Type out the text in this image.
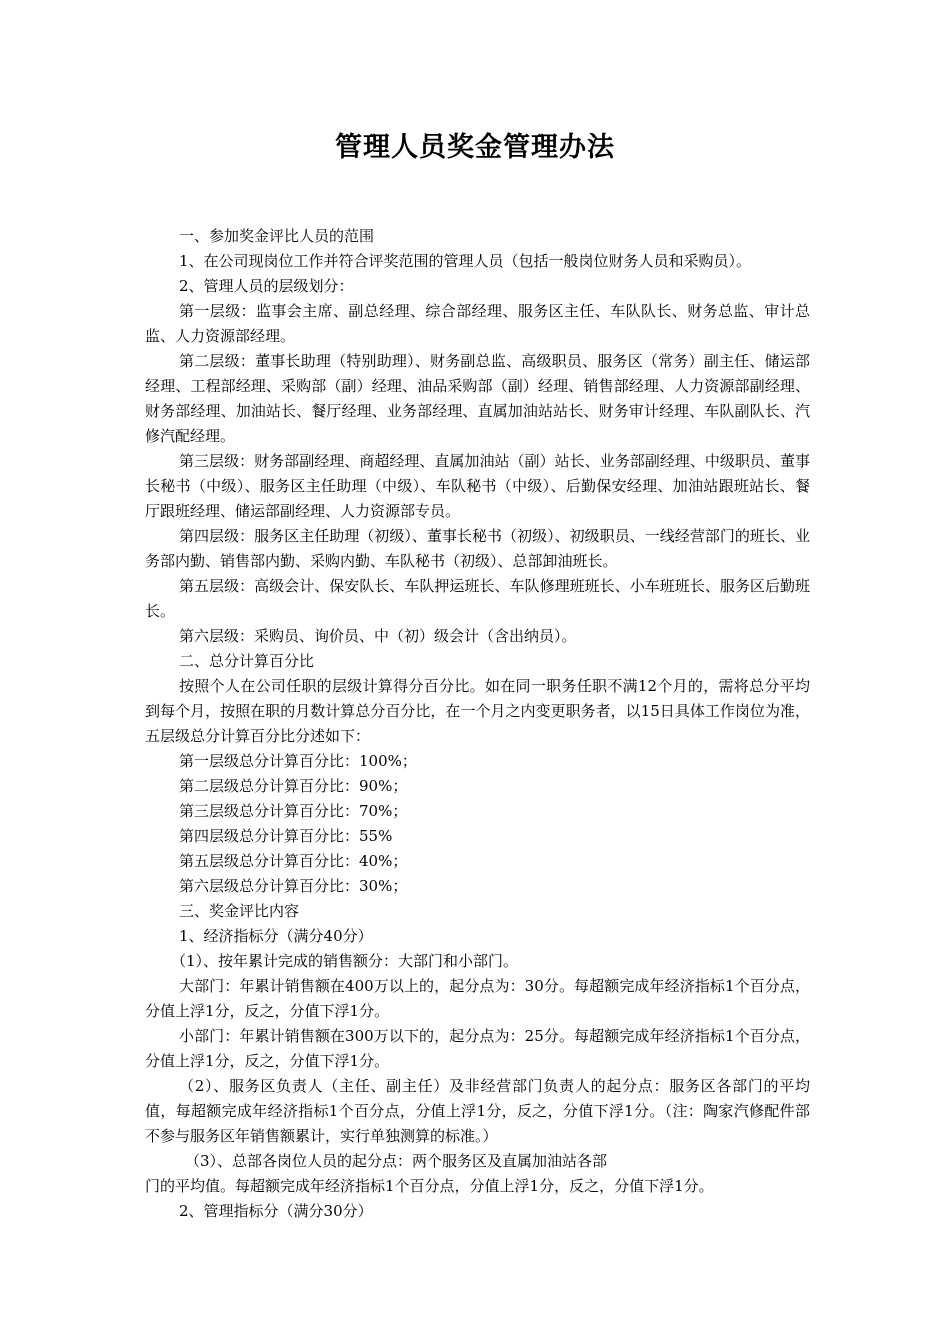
管理人员奖金管理办法

一、参加奖金评比人员的范围

1、在公司现岗位工作并符合评奖范围的管理人员（包括一般岗位财务人员和采购员）。

2、管理人员的层级划分：

第一层级：监事会主席、副总经理、综合部经理、服务区主任、车队队长、财务总监、审计总监、人力资源部经理。

第二层级：董事长助理（特别助理）、财务副总监、高级职员、服务区（常务）副主任、储运部经理、工程部经理、采购部（副）经理、油品采购部（副）经理、销售部经理、人力资源部副经理、财务部经理、加油站长、餐厅经理、业务部经理、直属加油站站长、财务审计经理、车队副队长、汽修汽配经理。

第三层级：财务部副经理、商超经理、直属加油站（副）站长、业务部副经理、中级职员、董事长秘书（中级）、服务区主任助理（中级）、车队秘书（中级）、后勤保安经理、加油站跟班站长、餐厅跟班经理、储运部副经理、人力资源部专员。

第四层级：服务区主任助理（初级）、董事长秘书（初级）、初级职员、一线经营部门的班长、业务部内勤、销售部内勤、采购内勤、车队秘书（初级）、总部卸油班长。

第五层级：高级会计、保安队长、车队押运班长、车队修理班班长、小车班班长、服务区后勤班长。

第六层级：采购员、询价员、中（初）级会计（含出纳员）。

二、总分计算百分比

按照个人在公司任职的层级计算得分百分比。如在同一职务任职不满12个月的，需将总分平均到每个月，按照在职的月数计算总分百分比，在一个月之内变更职务者，以15日具体工作岗位为准，五层级总分计算百分比分述如下：

第一层级总分计算百分比：100%；

第二层级总分计算百分比：90%；

第三层级总分计算百分比：70%；

第四层级总分计算百分比：55%

第五层级总分计算百分比：40%；

第六层级总分计算百分比：30%；

三、奖金评比内容

1、经济指标分（满分40分）

（1）、按年累计完成的销售额分：大部门和小部门。

大部门：年累计销售额在400万以上的，起分点为：30分。每超额完成年经济指标1个百分点，分值上浮1分，反之，分值下浮1分。

小部门：年累计销售额在300万以下的，起分点为：25分。每超额完成年经济指标1个百分点，分值上浮1分，反之，分值下浮1分。

（2）、服务区负责人（主任、副主任）及非经营部门负责人的起分点：服务区各部门的平均值，每超额完成年经济指标1个百分点，分值上浮1分，反之，分值下浮1分。（注：陶家汽修配件部不参与服务区年销售额累计，实行单独测算的标准。）

（3）、总部各岗位人员的起分点：两个服务区及直属加油站各部

门的平均值。每超额完成年经济指标1个百分点，分值上浮1分，反之，分值下浮1分。

2、管理指标分（满分30分）
